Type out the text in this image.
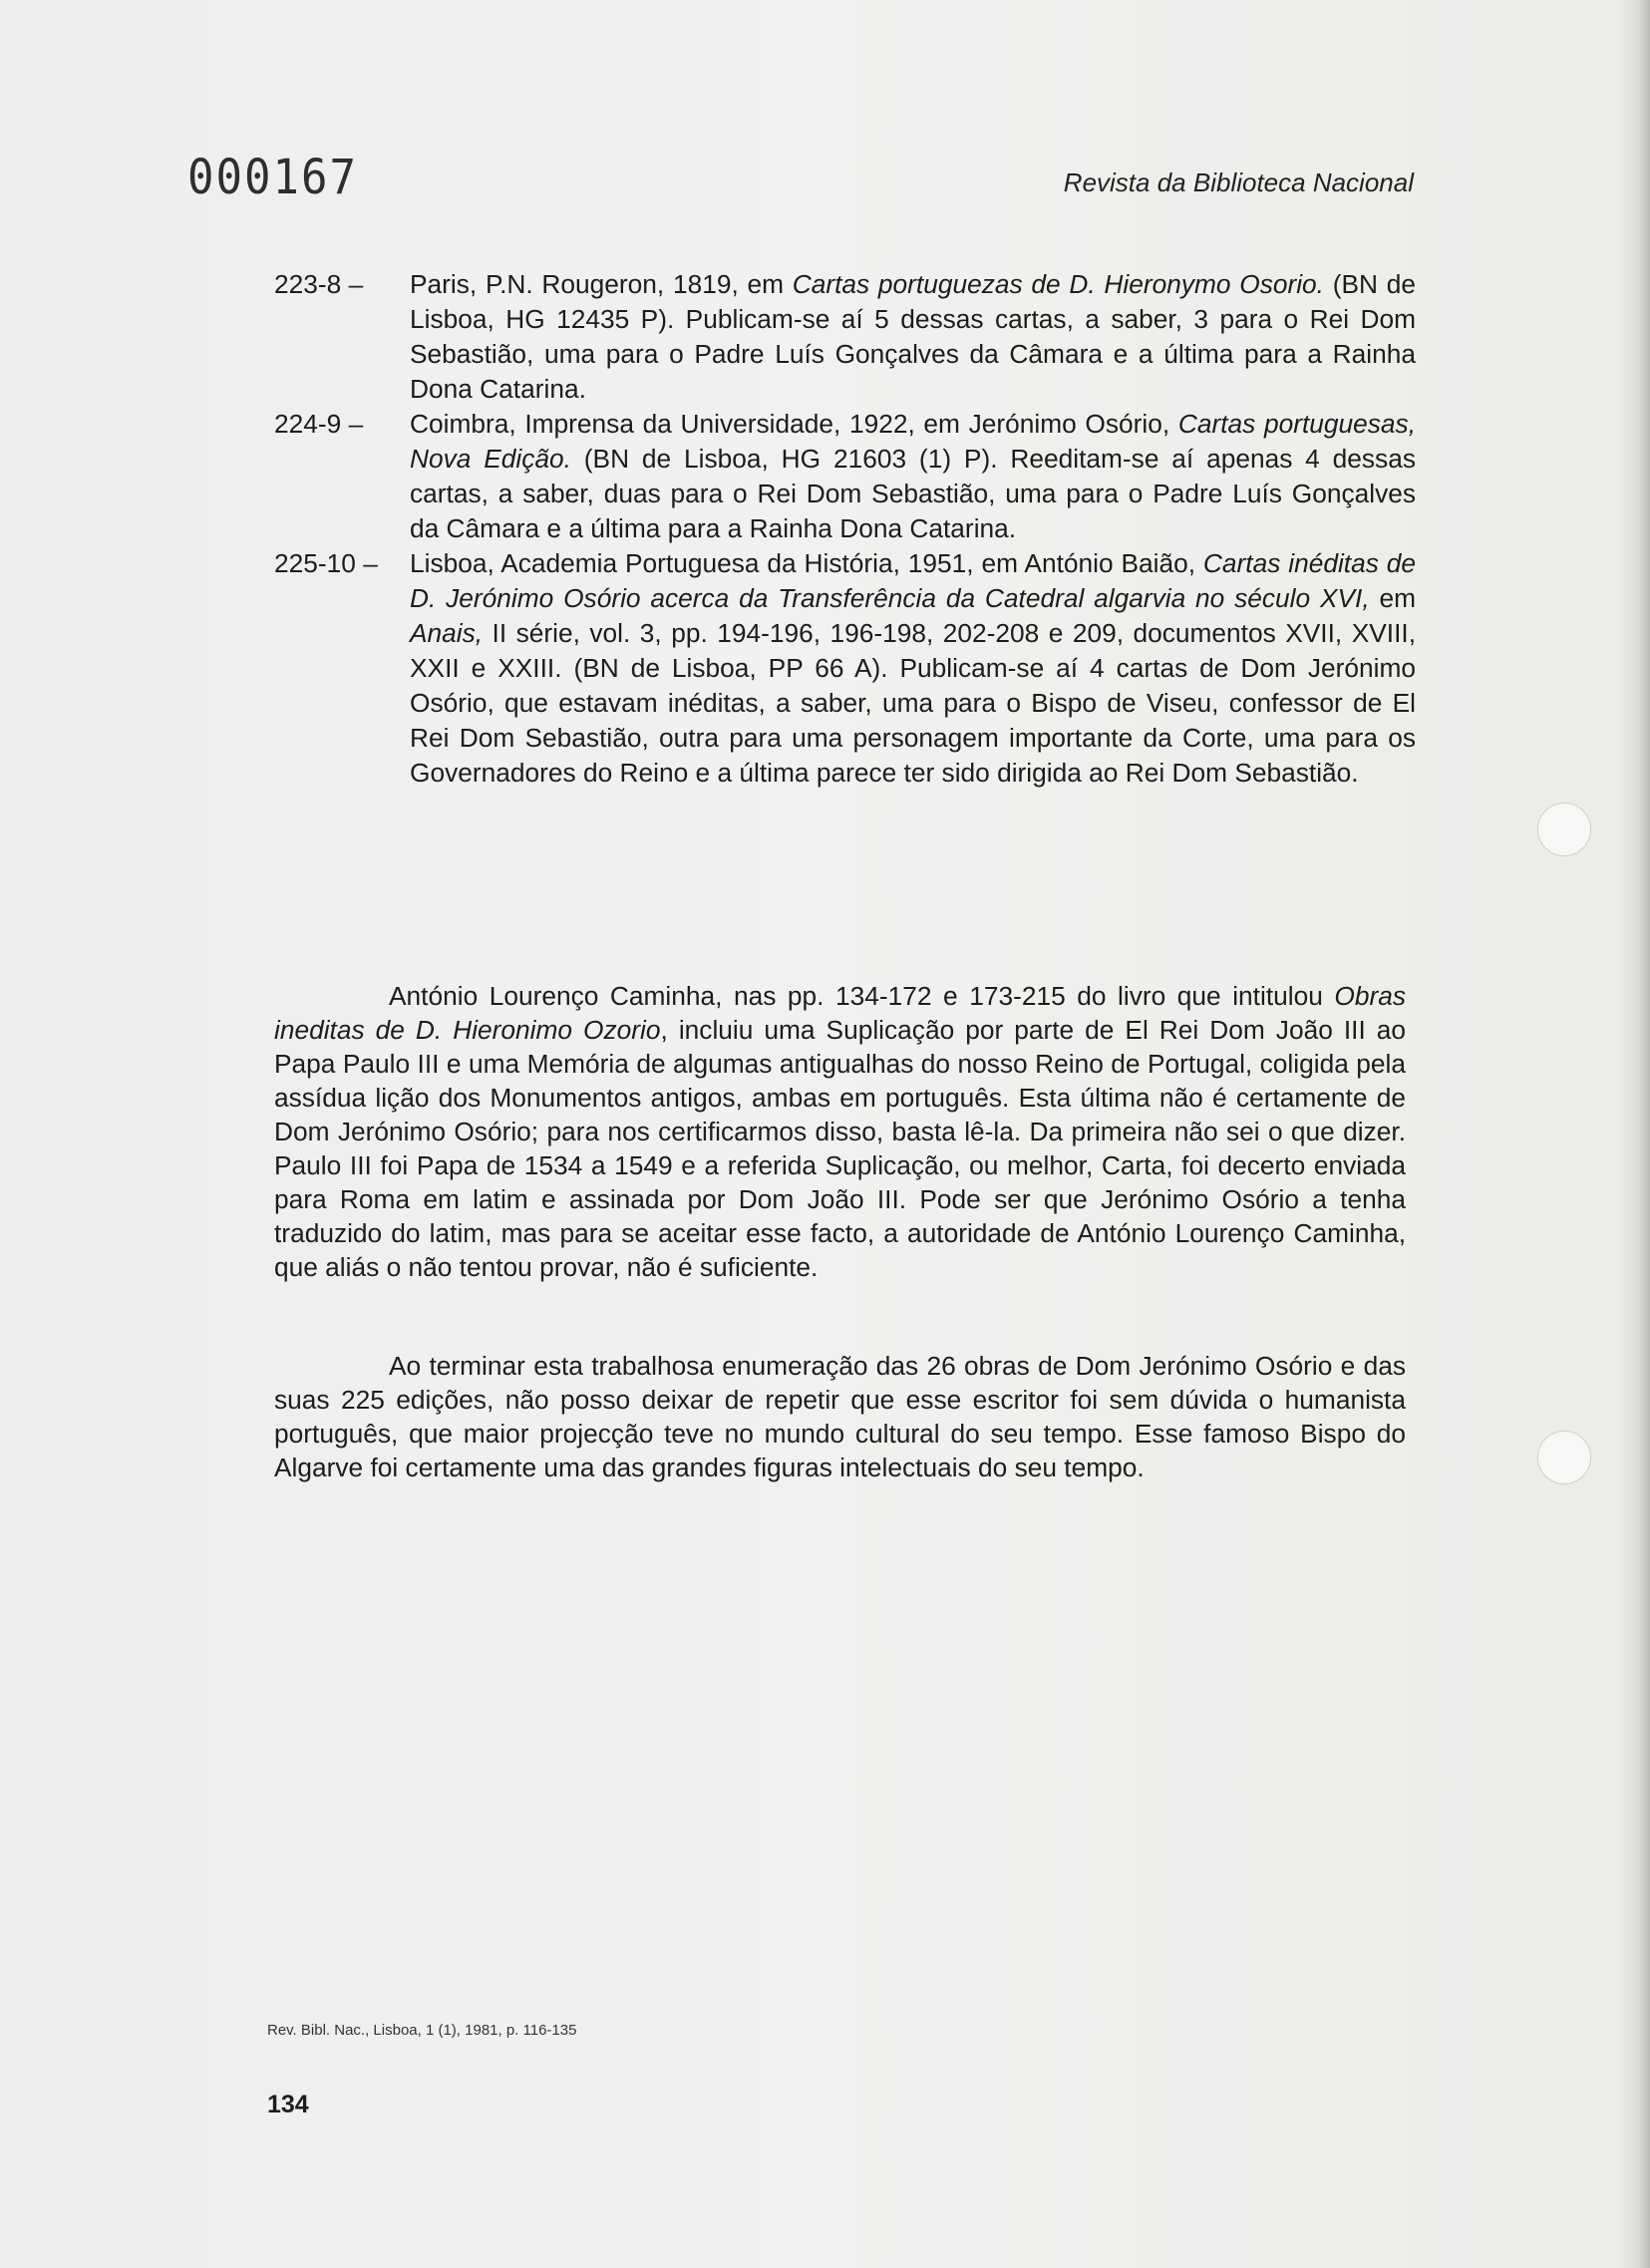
000167	Revista da Biblioteca Nacional

223-8 – Paris, P.N. Rougeron, 1819, em Cartas portuguezas de D. Hieronymo Osorio. (BN de Lisboa, HG 12435 P). Publicam-se aí 5 dessas cartas, a saber, 3 para o Rei Dom Sebastião, uma para o Padre Luís Gonçalves da Câmara e a última para a Rainha Dona Catarina.

224-9 – Coimbra, Imprensa da Universidade, 1922, em Jerónimo Osório, Cartas portuguesas, Nova Edição. (BN de Lisboa, HG 21603 (1) P). Reeditam-se aí apenas 4 dessas cartas, a saber, duas para o Rei Dom Sebastião, uma para o Padre Luís Gonçalves da Câmara e a última para a Rainha Dona Catarina.

225-10 – Lisboa, Academia Portuguesa da História, 1951, em António Baião, Cartas inéditas de D. Jerónimo Osório acerca da Transferência da Catedral algarvia no século XVI, em Anais, II série, vol. 3, pp. 194-196, 196-198, 202-208 e 209, documentos XVII, XVIII, XXII e XXIII. (BN de Lisboa, PP 66 A). Publicam-se aí 4 cartas de Dom Jerónimo Osório, que estavam inéditas, a saber, uma para o Bispo de Viseu, confessor de El Rei Dom Sebastião, outra para uma personagem importante da Corte, uma para os Governadores do Reino e a última parece ter sido dirigida ao Rei Dom Sebastião.

António Lourenço Caminha, nas pp. 134-172 e 173-215 do livro que intitulou Obras ineditas de D. Hieronimo Ozorio, incluiu uma Suplicação por parte de El Rei Dom João III ao Papa Paulo III e uma Memória de algumas antigualhas do nosso Reino de Portugal, coligida pela assídua lição dos Monumentos antigos, ambas em português. Esta última não é certamente de Dom Jerónimo Osório; para nos certificarmos disso, basta lê-la. Da primeira não sei o que dizer. Paulo III foi Papa de 1534 a 1549 e a referida Suplicação, ou melhor, Carta, foi decerto enviada para Roma em latim e assinada por Dom João III. Pode ser que Jerónimo Osório a tenha traduzido do latim, mas para se aceitar esse facto, a autoridade de António Lourenço Caminha, que aliás o não tentou provar, não é suficiente.

Ao terminar esta trabalhosa enumeração das 26 obras de Dom Jerónimo Osório e das suas 225 edições, não posso deixar de repetir que esse escritor foi sem dúvida o humanista português, que maior projecção teve no mundo cultural do seu tempo. Esse famoso Bispo do Algarve foi certamente uma das grandes figuras intelectuais do seu tempo.

Rev. Bibl. Nac., Lisboa, 1 (1), 1981, p. 116-135
134
